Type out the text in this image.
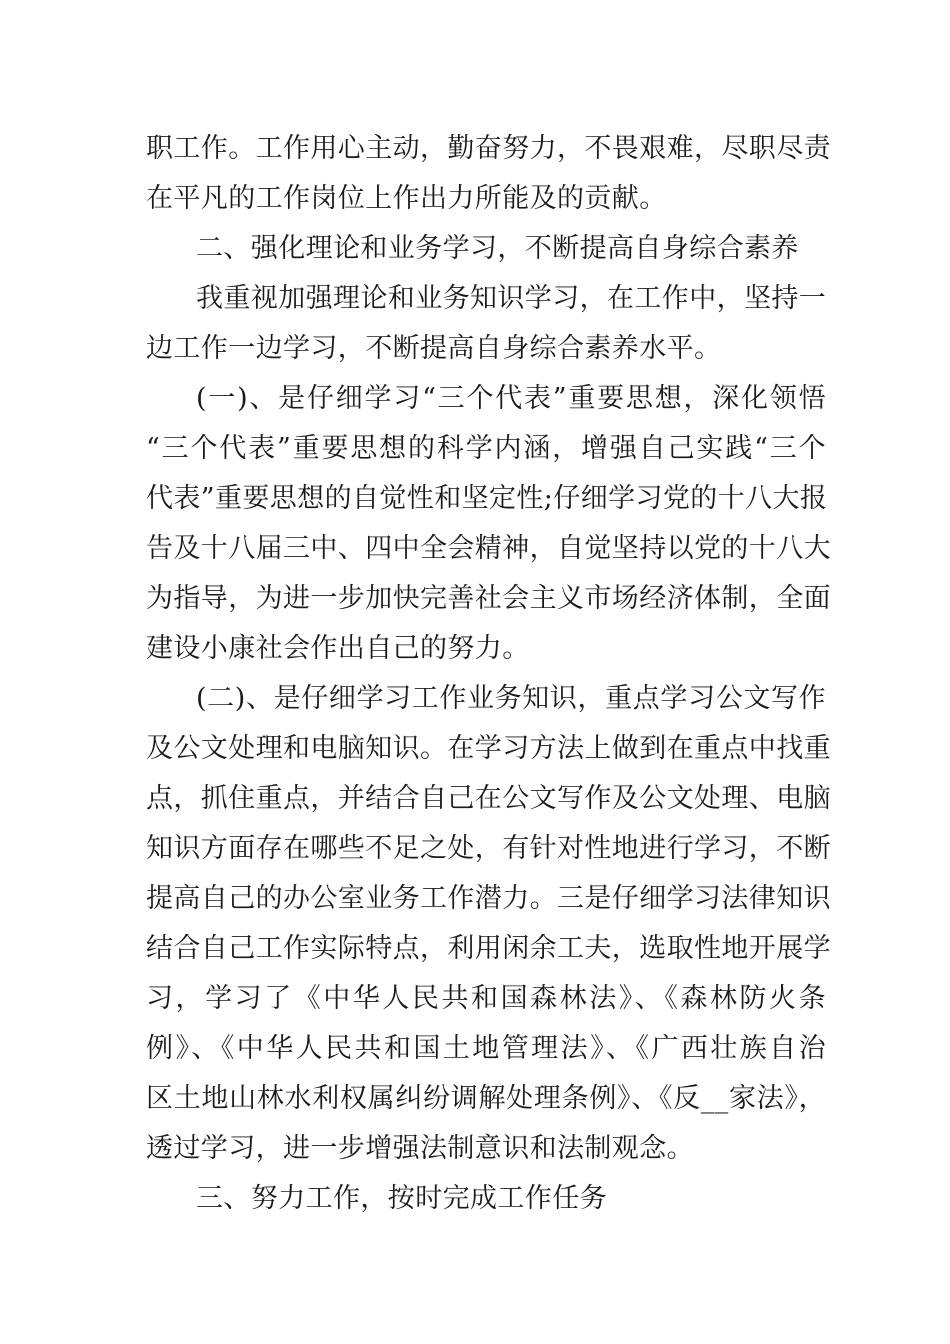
职工作。工作用心主动，勤奋努力，不畏艰难，尽职尽责
在平凡的工作岗位上作出力所能及的贡献。
二、强化理论和业务学习，不断提高自身综合素养
我重视加强理论和业务知识学习，在工作中，坚持一
边工作一边学习，不断提高自身综合素养水平。
(一)、是仔细学习“三个代表”重要思想，深化领悟
“三个代表”重要思想的科学内涵，增强自己实践“三个
代表”重要思想的自觉性和坚定性;仔细学习党的十八大报
告及十八届三中、四中全会精神，自觉坚持以党的十八大
为指导，为进一步加快完善社会主义市场经济体制，全面
建设小康社会作出自己的努力。
(二)、是仔细学习工作业务知识，重点学习公文写作
及公文处理和电脑知识。在学习方法上做到在重点中找重
点，抓住重点，并结合自己在公文写作及公文处理、电脑
知识方面存在哪些不足之处，有针对性地进行学习，不断
提高自己的办公室业务工作潜力。三是仔细学习法律知识
结合自己工作实际特点，利用闲余工夫，选取性地开展学
习，学习了《中华人民共和国森林法》、《森林防火条
例》、《中华人民共和国土地管理法》、《广西壮族自治
区土地山林水利权属纠纷调解处理条例》、《反__家法》，
透过学习，进一步增强法制意识和法制观念。
三、努力工作，按时完成工作任务
